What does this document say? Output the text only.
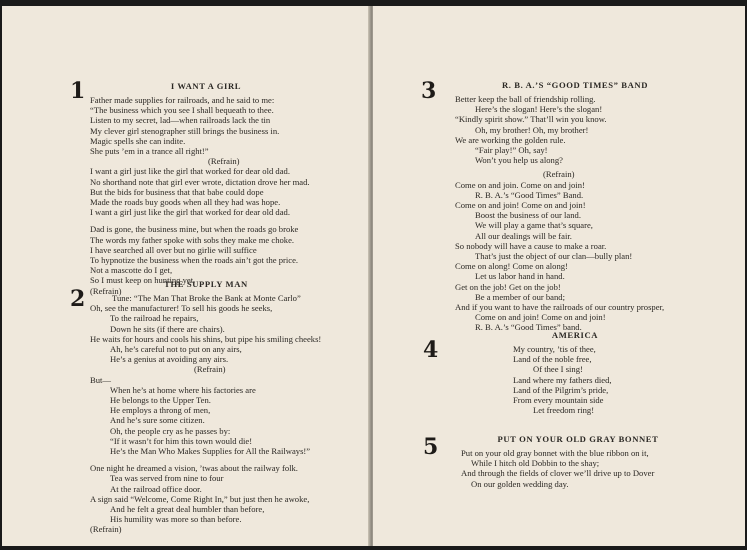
1	I WANT A GIRL
Father made supplies for railroads, and he said to me:
“The business which you see I shall bequeath to thee.
Listen to my secret, lad—when railroads lack the tin
My clever girl stenographer still brings the business in.
Magic spells she can indite.
She puts ’em in a trance all right!”
(Refrain)
I want a girl just like the girl that worked for dear old dad.
No shorthand note that girl ever wrote, dictation drove her mad.
But the bids for business that that babe could dope
Made the roads buy goods when all they had was hope.
I want a girl just like the girl that worked for dear old dad.
Dad is gone, the business mine, but when the roads go broke
The words my father spoke with sobs they make me choke.
I have searched all over but no girlie will suffice
To hypnotize the business when the roads ain’t got the price.
Not a mascotte do I get,
So I must keep on hunting yet.
(Refrain)
2
THE SUPPLY MAN
Tune: “The Man That Broke the Bank at Monte Carlo”
Oh, see the manufacturer! To sell his goods he seeks,
To the railroad he repairs,
Down he sits (if there are chairs).
He waits for hours and cools his shins, but pipe his smiling cheeks!
Ah, he’s careful not to put on any airs,
He’s a genius at avoiding any airs.
(Refrain)
But—
When he’s at home where his factories are
He belongs to the Upper Ten.
He employs a throng of men,
And he’s sure some citizen.
Oh, the people cry as he passes by:
“If it wasn’t for him this town would die!
He’s the Man Who Makes Supplies for All the Railways!”
One night he dreamed a vision, ’twas about the railway folk.
Tea was served from nine to four
At the railroad office door.
A sign said “Welcome, Come Right In,” but just then he awoke,
And he felt a great deal humbler than before,
His humility was more so than before.
(Refrain)
3	R. B. A.’S “GOOD TIMES” BAND
Better keep the ball of friendship rolling.
Here’s the slogan! Here’s the slogan!
“Kindly spirit show.” That’ll win you know.
Oh, my brother! Oh, my brother!
We are working the golden rule.
“Fair play!” Oh, say!
Won’t you help us along?
(Refrain)
Come on and join. Come on and join!
R. B. A.’s “Good Times” Band.
Come on and join! Come on and join!
Boost the business of our land.
We will play a game that’s square,
All our dealings will be fair.
So nobody will have a cause to make a roar.
That’s just the object of our clan—bully plan!
Come on along! Come on along!
Let us labor hand in hand.
Get on the job! Get on the job!
Be a member of our band;
And if you want to have the railroads of our country prosper,
Come on and join! Come on and join!
R. B. A.’s “Good Times” band.
4
AMERICA
My country, ’tis of thee,
Land of the noble free,
Of thee I sing!
Land where my fathers died,
Land of the Pilgrim’s pride,
From every mountain side
Let freedom ring!
5	PUT ON YOUR OLD GRAY BONNET
Put on your old gray bonnet with the blue ribbon on it,
While I hitch old Dobbin to the shay;
And through the fields of clover we’ll drive up to Dover
On our golden wedding day.
